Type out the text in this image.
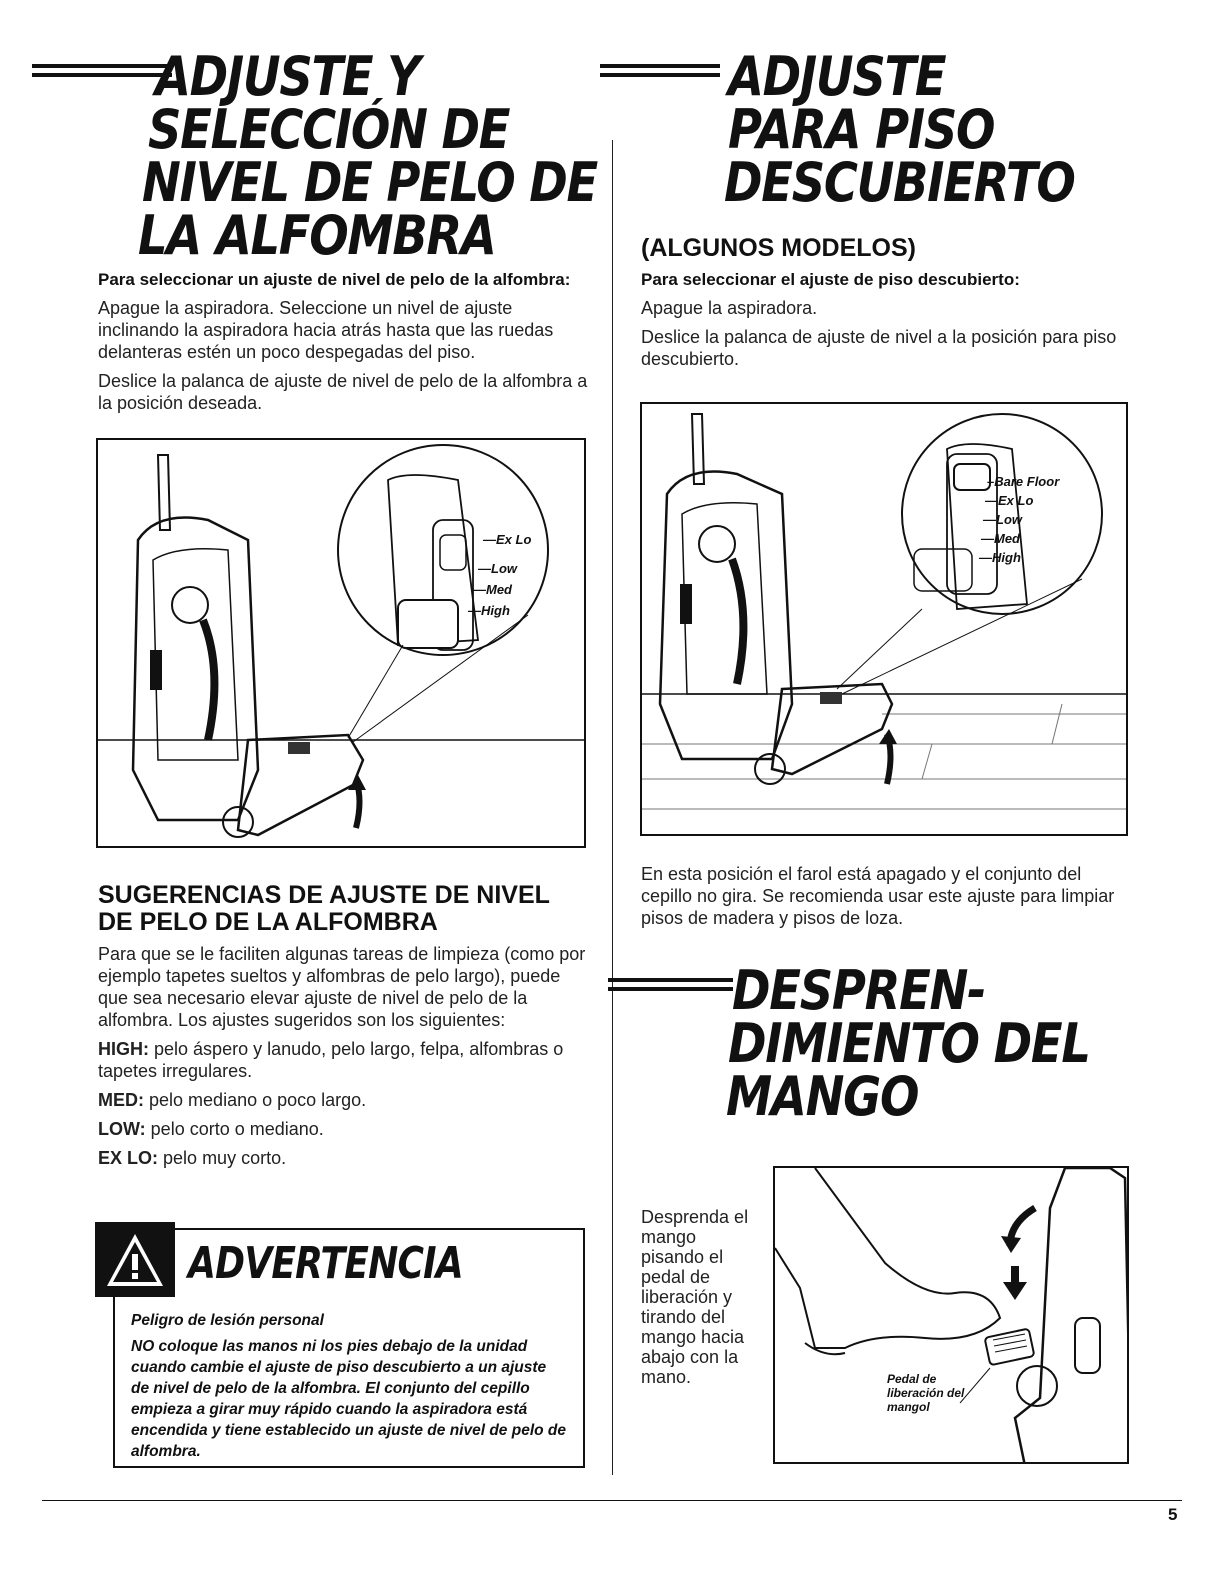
ADJUSTE Y
SELECCIÓN DE
NIVEL DE PELO DE
LA ALFOMBRA
Para seleccionar un ajuste de nivel de pelo de la alfombra:
Apague la aspiradora. Seleccione un nivel de ajuste inclinando la aspiradora hacia atrás hasta que las ruedas delanteras estén un poco despegadas del piso.
Deslice la palanca de ajuste de nivel de pelo de la alfombra a la posición deseada.
—Ex Lo
—Low
—Med
—High
SUGERENCIAS DE AJUSTE DE NIVEL DE PELO DE LA ALFOMBRA
Para que se le faciliten algunas tareas de limpieza (como por ejemplo tapetes sueltos y alfombras de pelo largo), puede que sea necesario elevar ajuste de nivel de pelo de la alfombra. Los ajustes sugeridos son los siguientes:
HIGH: pelo áspero y lanudo, pelo largo, felpa, alfombras o tapetes irregulares.
MED: pelo mediano o poco largo.
LOW: pelo corto o mediano.
EX LO: pelo muy corto.
ADVERTENCIA
Peligro de lesión personal
NO coloque las manos ni los pies debajo de la unidad cuando cambie el ajuste de piso descubierto a un ajuste de nivel de pelo de la alfombra. El conjunto del cepillo empieza a girar muy rápido cuando la aspiradora está encendida y tiene establecido un ajuste de nivel de pelo de alfombra.
ADJUSTE
PARA PISO
DESCUBIERTO
(ALGUNOS MODELOS)
Para seleccionar el ajuste de piso descubierto:
Apague la aspiradora.
Deslice la palanca de ajuste de nivel a la posición para piso descubierto.
–Bare Floor
—Ex Lo
—Low
—Med
—High
En esta posición el farol está apagado y el conjunto del cepillo no gira. Se recomienda usar este ajuste para limpiar pisos de madera y pisos de loza.
DESPREN-
DIMIENTO DEL
MANGO
Desprenda el mango pisando el pedal de liberación y tirando del mango hacia abajo con la mano.	Pedal de liberación del mangol
5
